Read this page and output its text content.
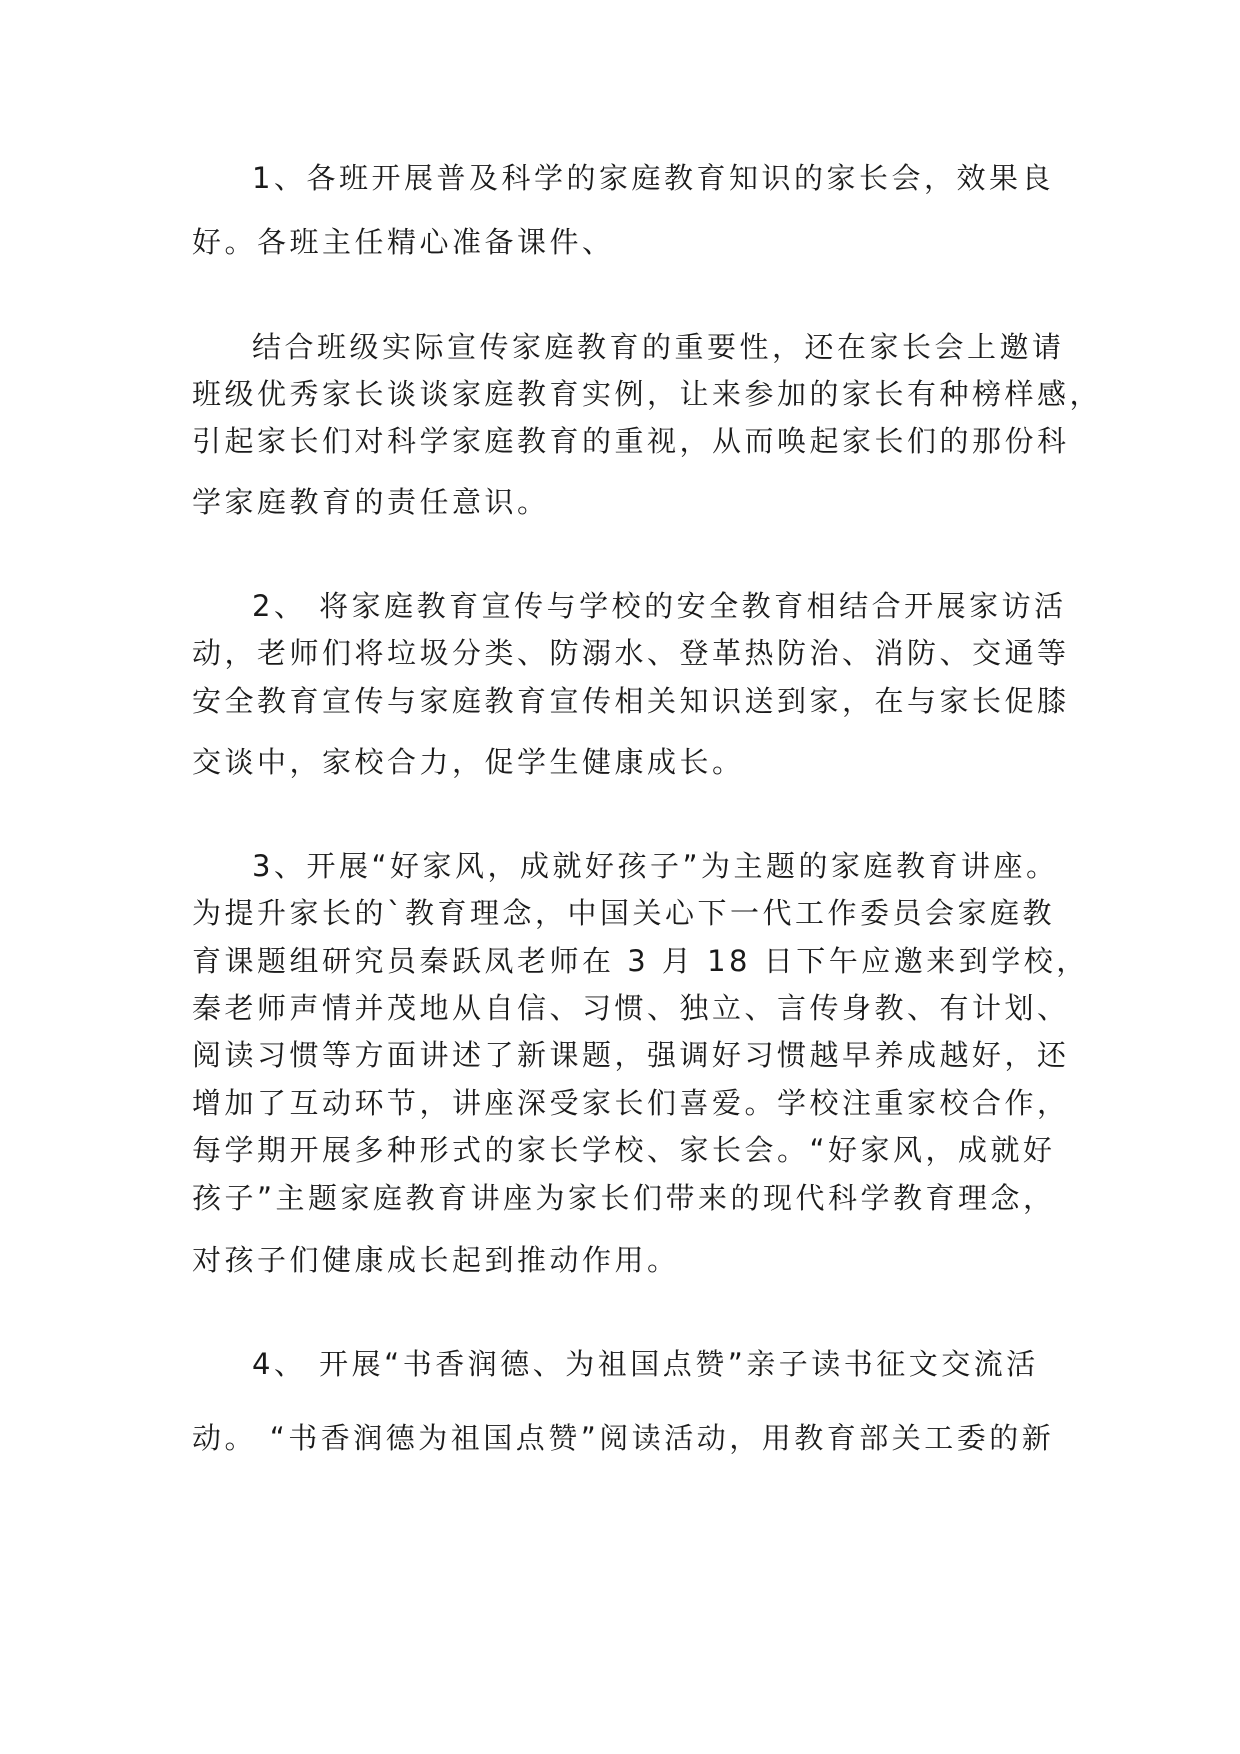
1、各班开展普及科学的家庭教育知识的家长会，效果良

好。各班主任精心准备课件、

结合班级实际宣传家庭教育的重要性，还在家长会上邀请

班级优秀家长谈谈家庭教育实例，让来参加的家长有种榜样感，

引起家长们对科学家庭教育的重视，从而唤起家长们的那份科

学家庭教育的责任意识。

2、 将家庭教育宣传与学校的安全教育相结合开展家访活

动，老师们将垃圾分类、防溺水、登革热防治、消防、交通等

安全教育宣传与家庭教育宣传相关知识送到家，在与家长促膝

交谈中，家校合力，促学生健康成长。

3、开展“好家风，成就好孩子”为主题的家庭教育讲座。

为提升家长的`教育理念，中国关心下一代工作委员会家庭教

育课题组研究员秦跃凤老师在 3 月 18 日下午应邀来到学校，

秦老师声情并茂地从自信、习惯、独立、言传身教、有计划、

阅读习惯等方面讲述了新课题，强调好习惯越早养成越好，还

增加了互动环节，讲座深受家长们喜爱。学校注重家校合作，

每学期开展多种形式的家长学校、家长会。“好家风，成就好

孩子”主题家庭教育讲座为家长们带来的现代科学教育理念，

对孩子们健康成长起到推动作用。

4、 开展“书香润德、为祖国点赞”亲子读书征文交流活

动。 “书香润德为祖国点赞”阅读活动，用教育部关工委的新
